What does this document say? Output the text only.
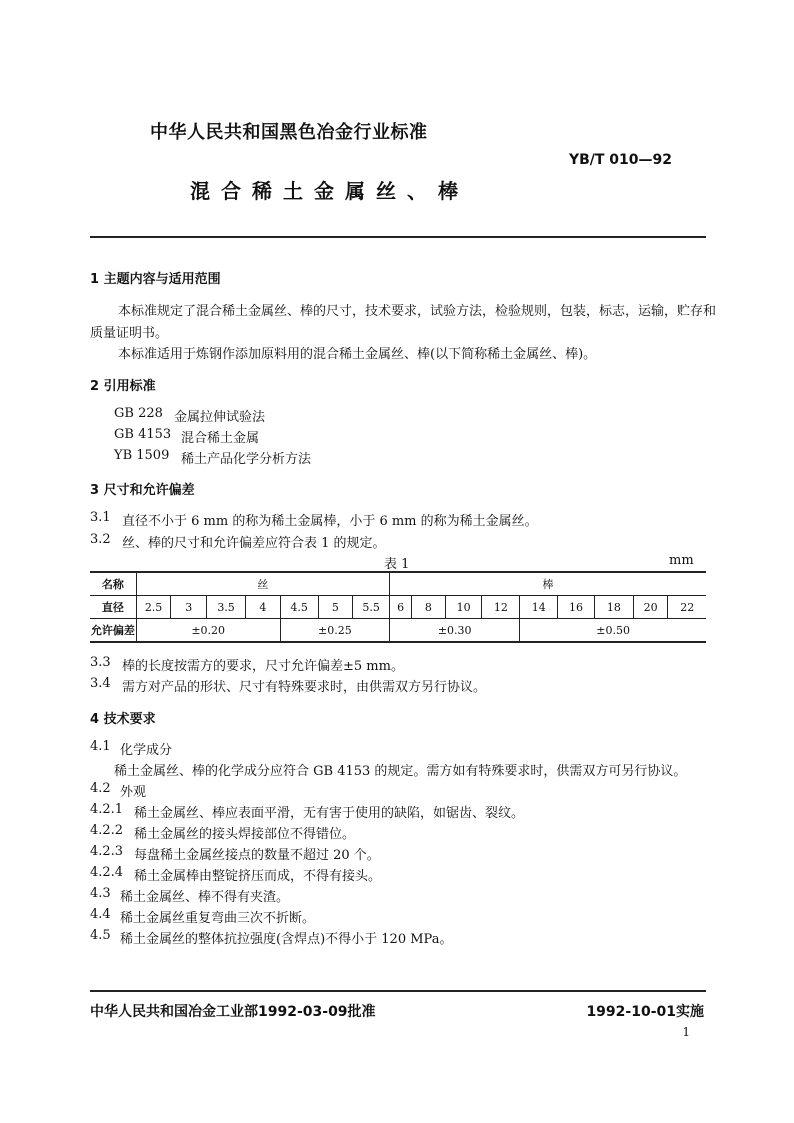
中华人民共和国黑色冶金行业标准
YB/T 010—92
混合稀土金属丝、棒
1 主题内容与适用范围
本标准规定了混合稀土金属丝、棒的尺寸，技术要求，试验方法，检验规则，包装，标志，运输，贮存和
质量证明书。
本标准适用于炼钢作添加原料用的混合稀土金属丝、棒(以下简称稀土金属丝、棒)。
2 引用标准
GB 228 金属拉伸试验法
GB 4153 混合稀土金属
YB 1509 稀土产品化学分析方法
3 尺寸和允许偏差
3.1 直径不小于 6 mm 的称为稀土金属棒，小于 6 mm 的称为稀土金属丝。
3.2 丝、棒的尺寸和允许偏差应符合表 1 的规定。
表 1	mm
名称	丝							棒								
直径	2.5	3	3.5	4	4.5	5	5.5	6	8	10	12	14	16	18	20	22
允许偏差	±0.20				±0.25			±0.30				±0.50				
3.3 棒的长度按需方的要求，尺寸允许偏差±5 mm。
3.4 需方对产品的形状、尺寸有特殊要求时，由供需双方另行协议。
4 技术要求
4.1 化学成分
稀土金属丝、棒的化学成分应符合 GB 4153 的规定。需方如有特殊要求时，供需双方可另行协议。
4.2 外观
4.2.1 稀土金属丝、棒应表面平滑，无有害于使用的缺陷，如锯齿、裂纹。
4.2.2 稀土金属丝的接头焊接部位不得错位。
4.2.3 每盘稀土金属丝接点的数量不超过 20 个。
4.2.4 稀土金属棒由整锭挤压而成，不得有接头。
4.3 稀土金属丝、棒不得有夹渣。
4.4 稀土金属丝重复弯曲三次不折断。
4.5 稀土金属丝的整体抗拉强度(含焊点)不得小于 120 MPa。
中华人民共和国冶金工业部1992-03-09批准	1992-10-01实施
1
